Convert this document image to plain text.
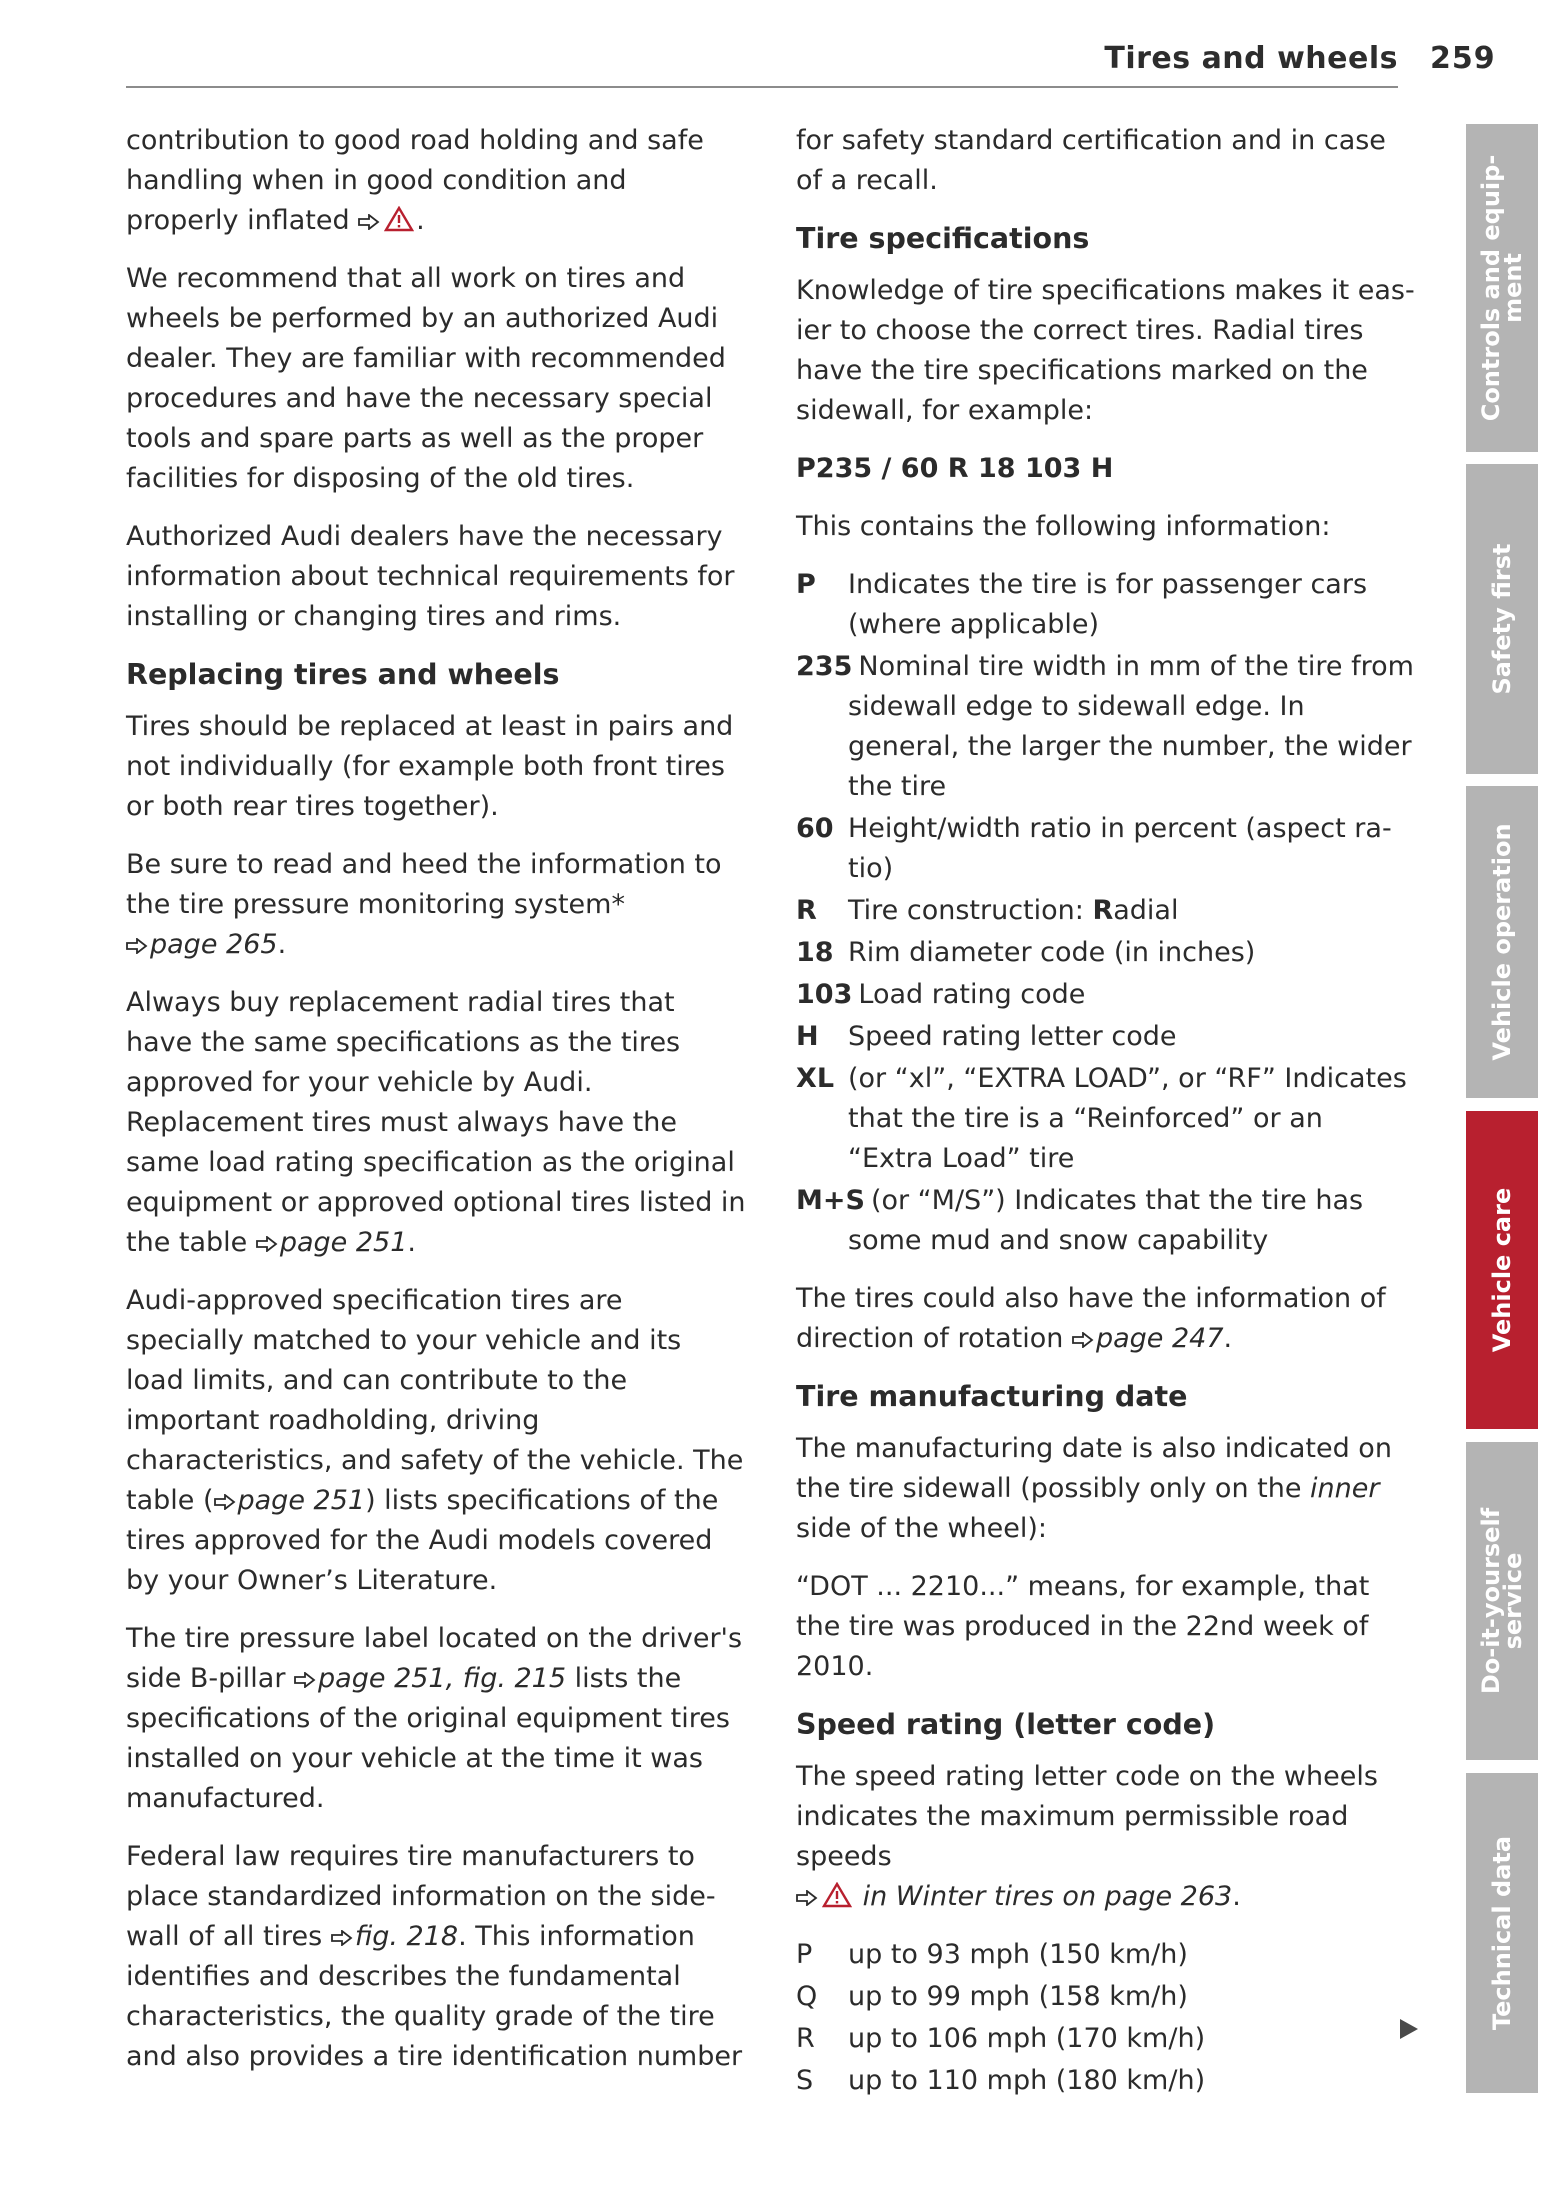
Tires and wheels 259

contribution to good road holding and safe handling when in good condition and properly inflated .

We recommend that all work on tires and wheels be performed by an authorized Audi dealer. They are familiar with recommended procedures and have the necessary special tools and spare parts as well as the proper facilities for disposing of the old tires.

Authorized Audi dealers have the necessary information about technical requirements for installing or changing tires and rims.

Replacing tires and wheels

Tires should be replaced at least in pairs and not individually (for example both front tires or both rear tires together).

Be sure to read and heed the information to the tire pressure monitoring system* page 265.

Always buy replacement radial tires that have the same specifications as the tires approved for your vehicle by Audi. Replacement tires must always have the same load rating specification as the original equipment or approved optional tires listed in the table page 251.

Audi-approved specification tires are specially matched to your vehicle and its load limits, and can contribute to the important roadholding, driving characteristics, and safety of the vehicle. The table ( page 251) lists specifications of the tires approved for the Audi models covered by your Owner’s Literature.

The tire pressure label located on the driver's side B-pillar page 251, fig. 215 lists the specifications of the original equipment tires installed on your vehicle at the time it was manufactured.

Federal law requires tire manufacturers to place standardized information on the sidewall of all tires fig. 218. This information identifies and describes the fundamental characteristics, the quality grade of the tire and also provides a tire identification number

for safety standard certification and in case of a recall.

Tire specifications

Knowledge of tire specifications makes it easier to choose the correct tires. Radial tires have the tire specifications marked on the sidewall, for example:

P235 / 60 R 18 103 H

This contains the following information:

P Indicates the tire is for passenger cars (where applicable)
235 Nominal tire width in mm of the tire from sidewall edge to sidewall edge. In general, the larger the number, the wider the tire
60 Height/width ratio in percent (aspect ratio)
R Tire construction: Radial
18 Rim diameter code (in inches)
103 Load rating code
H Speed rating letter code
XL (or “xl”, “EXTRA LOAD”, or “RF” Indicates that the tire is a “Reinforced” or an “Extra Load” tire
M+S (or “M/S”) Indicates that the tire has some mud and snow capability

The tires could also have the information of direction of rotation page 247.

Tire manufacturing date

The manufacturing date is also indicated on the tire sidewall (possibly only on the inner side of the wheel):

“DOT ... 2210...” means, for example, that the tire was produced in the 22nd week of 2010.

Speed rating (letter code)

The speed rating letter code on the wheels indicates the maximum permissible road speeds
in Winter tires on page 263.

P up to 93 mph (150 km/h)
Q up to 99 mph (158 km/h)
R up to 106 mph (170 km/h)
S up to 110 mph (180 km/h)
Controls and equip-
ment
Safety first
Vehicle operation
Vehicle care
Do-it-yourself
service
Technical data
